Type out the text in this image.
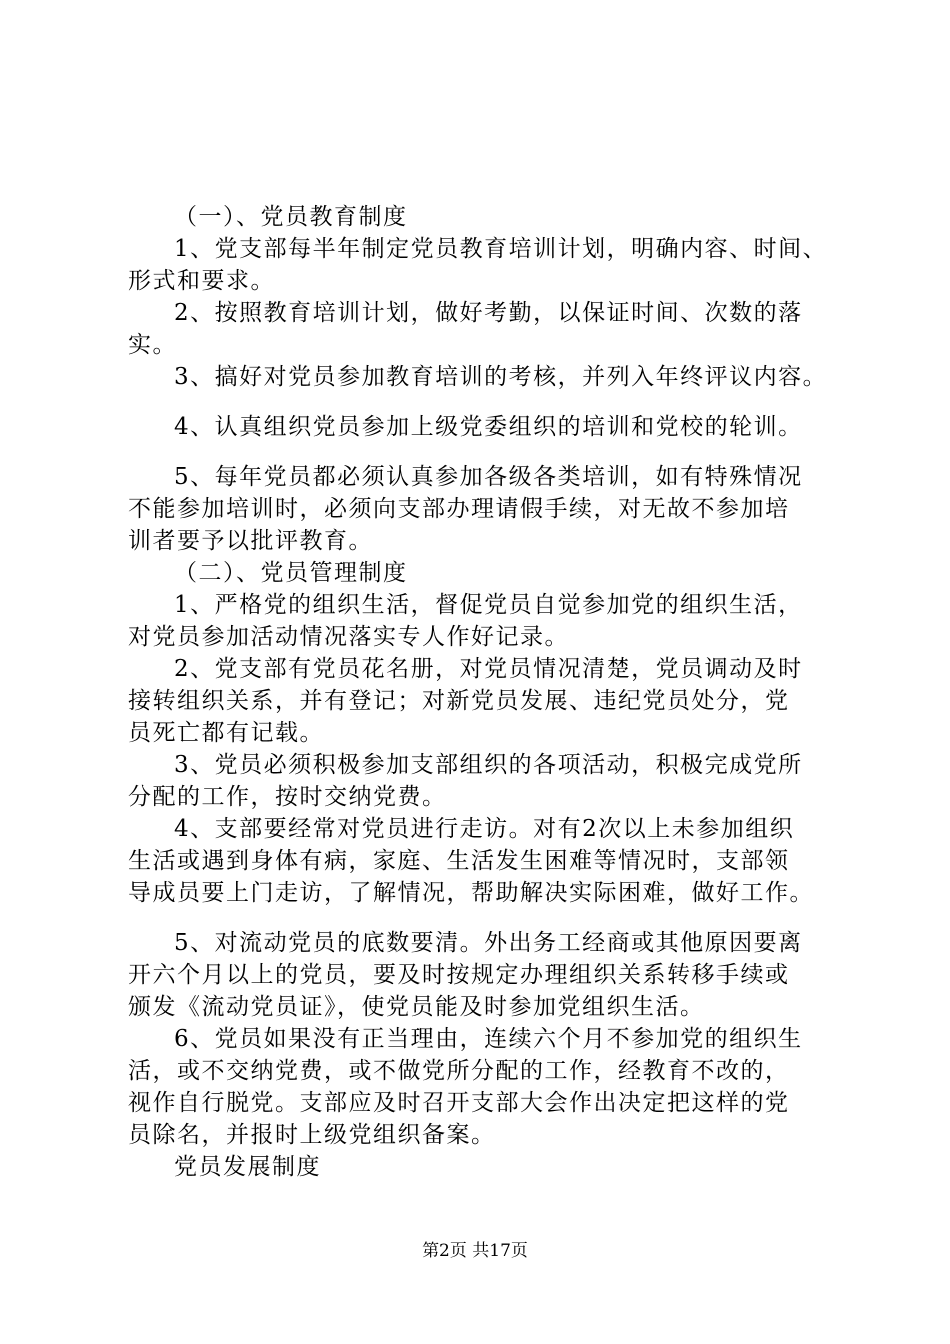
（一）、党员教育制度
1、党支部每半年制定党员教育培训计划，明确内容、时间、
形式和要求。
2、按照教育培训计划，做好考勤，以保证时间、次数的落
实。
3、搞好对党员参加教育培训的考核，并列入年终评议内容。
4、认真组织党员参加上级党委组织的培训和党校的轮训。
5、每年党员都必须认真参加各级各类培训，如有特殊情况
不能参加培训时，必须向支部办理请假手续，对无故不参加培
训者要予以批评教育。
（二）、党员管理制度
1、严格党的组织生活，督促党员自觉参加党的组织生活，
对党员参加活动情况落实专人作好记录。
2、党支部有党员花名册，对党员情况清楚，党员调动及时
接转组织关系，并有登记；对新党员发展、违纪党员处分，党
员死亡都有记载。
3、党员必须积极参加支部组织的各项活动，积极完成党所
分配的工作，按时交纳党费。
4、支部要经常对党员进行走访。对有2次以上未参加组织
生活或遇到身体有病，家庭、生活发生困难等情况时，支部领
导成员要上门走访，了解情况，帮助解决实际困难，做好工作。
5、对流动党员的底数要清。外出务工经商或其他原因要离
开六个月以上的党员，要及时按规定办理组织关系转移手续或
颁发《流动党员证》，使党员能及时参加党组织生活。
6、党员如果没有正当理由，连续六个月不参加党的组织生
活，或不交纳党费，或不做党所分配的工作，经教育不改的，
视作自行脱党。支部应及时召开支部大会作出决定把这样的党
员除名，并报时上级党组织备案。
党员发展制度
第2页 共17页
